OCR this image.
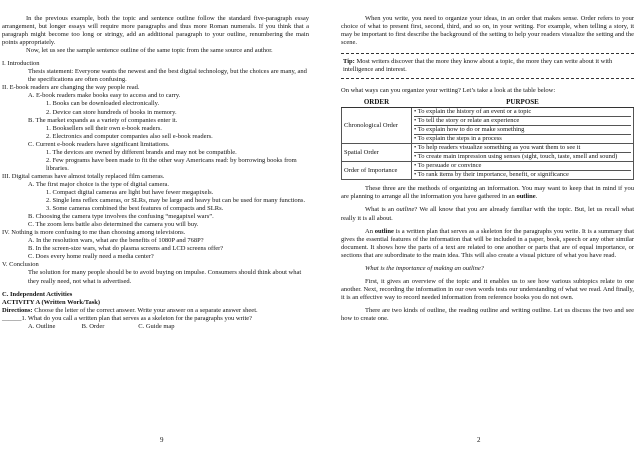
In the previous example, both the topic and sentence outline follow the standard five-paragraph essay arrangement, but longer essays will require more paragraphs and thus more Roman numerals. If you think that a paragraph might become too long or stringy, add an additional paragraph to your outline, renumbering the main points appropriately.

Now, let us see the sample sentence outline of the same topic from the same source and author.

I. Introduction
Thesis statement: Everyone wants the newest and the best digital technology, but the choices are many, and the specifications are often confusing.
II. E-book readers are changing the way people read.
A. E-book readers make books easy to access and to carry.
1. Books can be downloaded electronically.
2. Device can store hundreds of books in memory.
B. The market expands as a variety of companies enter it.
1. Booksellers sell their own e-book readers.
2. Electronics and computer companies also sell e-book readers.
C. Current e-book readers have significant limitations.
1. The devices are owned by different brands and may not be compatible.
2. Few programs have been made to fit the other way Americans read: by borrowing books from libraries.
III. Digital cameras have almost totally replaced film cameras.
A. The first major choice is the type of digital camera.
1. Compact digital cameras are light but have fewer megapixels.
2. Single lens reflex cameras, or SLRs, may be large and heavy but can be used for many functions.
3. Some cameras combined the best features of compacts and SLRs.
B. Choosing the camera type involves the confusing “megapixel wars”.
C. The zoom lens battle also determined the camera you will buy.
IV. Nothing is more confusing to me than choosing among televisions.
A. In the resolution wars, what are the benefits of 1080P and 768P?
B. In the screen-size wars, what do plasma screens and LCD screens offer?
C. Does every home really need a media center?
V. Conclusion
The solution for many people should be to avoid buying on impulse. Consumers should think about what they really need, not what is advertised.
C. Independent Activities
ACTIVITY A (Written Work/Task)

Directions: Choose the letter of the correct answer. Write your answer on a separate answer sheet.

______1. What do you call a written plan that serves as a skeleton for the paragraphs you write?

A. Outline	B. Order	C. Guide map
9

When you write, you need to organize your ideas, in an order that makes sense. Order refers to your choice of what to present first, second, third, and so on, in your writing. For example, when telling a story, it may be important to first describe the background of the setting to help your readers visualize the setting and the scene.

Tip: Most writers discover that the more they know about a topic, the more they can write about it with intelligence and interest.

On what ways can you organize your writing? Let’s take a look at the table below:

ORDER	PURPOSE
Chronological Order	• To explain the history of an event or a topic
• To tell the story or relate an experience
• To explain how to do or make something
• To explain the steps in a process

Spatial Order	• To help readers visualize something as you want them to see it
• To create main impression using senses (sight, touch, taste, smell and sound)

Order of Importance	• To persuade or convince
• To rank items by their importance, benefit, or significance

These three are the methods of organizing an information. You may want to keep that in mind if you are planning to arrange all the information you have gathered in an outline.

What is an outline? We all know that you are already familiar with the topic. But, let us recall what really it is all about.

An outline is a written plan that serves as a skeleton for the paragraphs you write. It is a summary that gives the essential features of the information that will be included in a paper, book, speech or any other similar document. It shows how the parts of a text are related to one another or parts that are of equal importance, or sections that are subordinate to the main idea. This will also create a visual picture of what you have read.

What is the importance of making an outline?

First, it gives an overview of the topic and it enables us to see how various subtopics relate to one another. Next, recording the information in our own words tests our understanding of what we read. And finally, it is an effective way to record needed information from reference books you do not own.

There are two kinds of outline, the reading outline and writing outline. Let us discuss the two and see how to create one.

2
